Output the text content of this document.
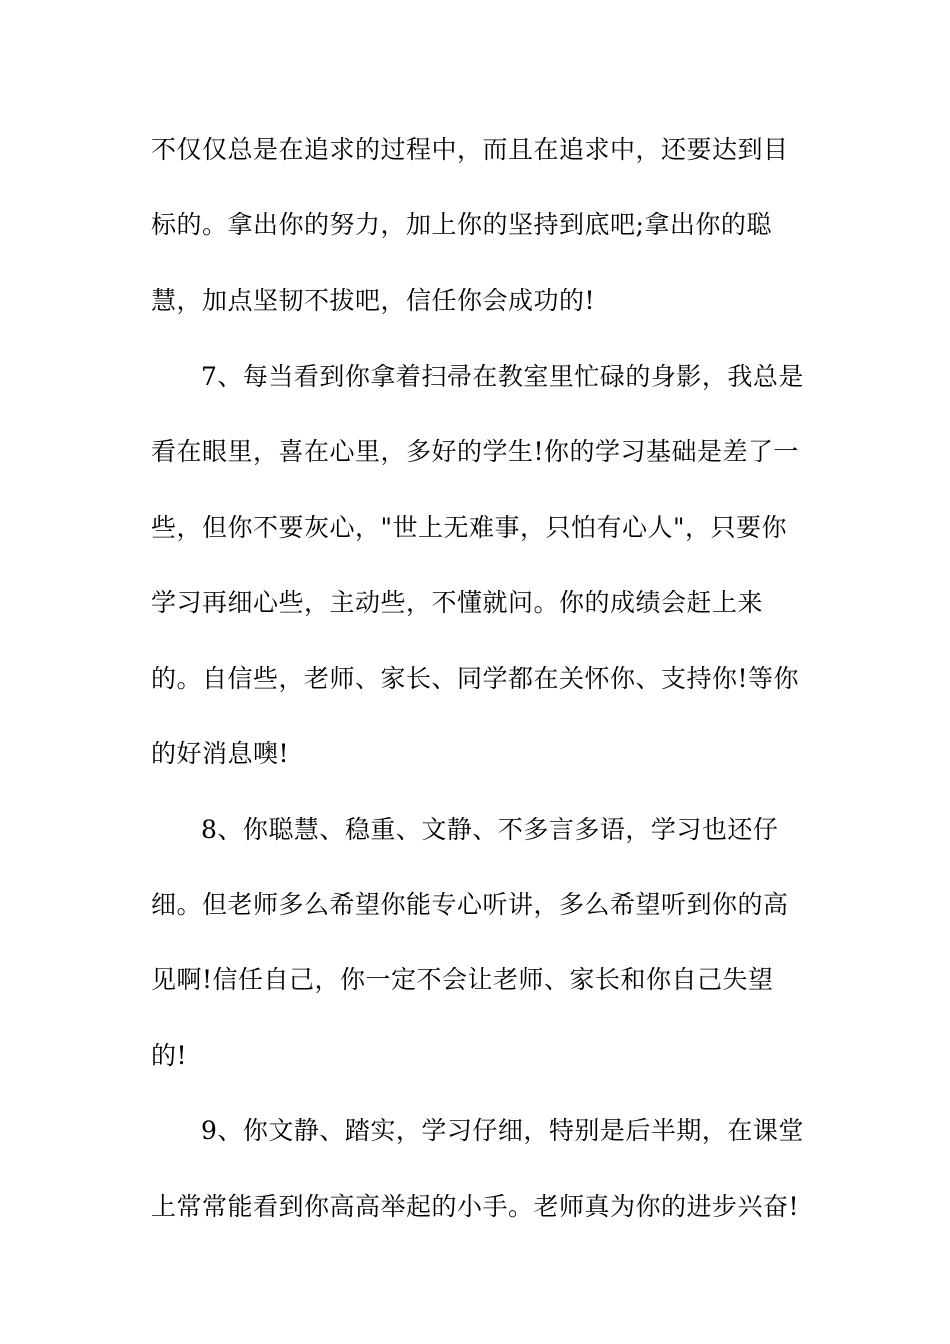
不仅仅总是在追求的过程中，而且在追求中，还要达到目
标的。拿出你的努力，加上你的坚持到底吧;拿出你的聪
慧，加点坚韧不拔吧，信任你会成功的!
7、每当看到你拿着扫帚在教室里忙碌的身影，我总是
看在眼里，喜在心里，多好的学生!你的学习基础是差了一
些，但你不要灰心，"世上无难事，只怕有心人"，只要你
学习再细心些，主动些，不懂就问。你的成绩会赶上来
的。自信些，老师、家长、同学都在关怀你、支持你!等你
的好消息噢!
8、你聪慧、稳重、文静、不多言多语，学习也还仔
细。但老师多么希望你能专心听讲，多么希望听到你的高
见啊!信任自己，你一定不会让老师、家长和你自己失望
的!
9、你文静、踏实，学习仔细，特别是后半期，在课堂
上常常能看到你高高举起的小手。老师真为你的进步兴奋!
